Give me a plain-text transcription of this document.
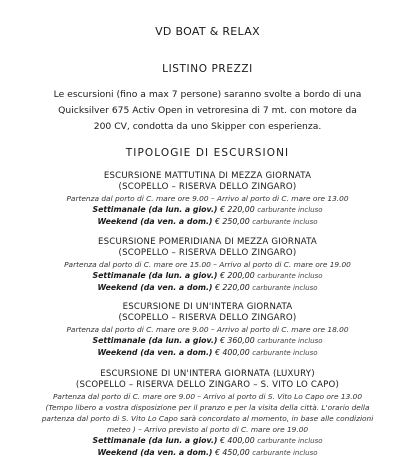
VD BOAT & RELAX
LISTINO PREZZI
Le escursioni (fino a max 7 persone) saranno svolte a bordo di una
Quicksilver 675 Activ Open in vetroresina di 7 mt. con motore da
200 CV, condotta da uno Skipper con esperienza.
TIPOLOGIE DI ESCURSIONI
ESCURSIONE MATTUTINA DI MEZZA GIORNATA
(SCOPELLO – RISERVA DELLO ZINGARO)
Partenza dal porto di C. mare ore 9.00 – Arrivo al porto di C. mare ore 13.00
Settimanale (da lun. a giov.) € 220,00 carburante incluso
Weekend (da ven. a dom.) € 250,00 carburante incluso
ESCURSIONE POMERIDIANA DI MEZZA GIORNATA
(SCOPELLO – RISERVA DELLO ZINGARO)
Partenza dal porto di C. mare ore 15.00 – Arrivo al porto di C. mare ore 19.00
Settimanale (da lun. a giov.) € 200,00 carburante incluso
Weekend (da ven. a dom.) € 220,00 carburante incluso
ESCURSIONE DI UN'INTERA GIORNATA
(SCOPELLO – RISERVA DELLO ZINGARO)
Partenza dal porto di C. mare ore 9.00 – Arrivo al porto di C. mare ore 18.00
Settimanale (da lun. a giov.) € 360,00 carburante incluso
Weekend (da ven. a dom.) € 400,00 carburante incluso
ESCURSIONE DI UN'INTERA GIORNATA (LUXURY)
(SCOPELLO – RISERVA DELLO ZINGARO – S. VITO LO CAPO)
Partenza dal porto di C. mare ore 9.00 – Arrivo al porto di S. Vito Lo Capo ore 13.00
(Tempo libero a vostra disposizione per il pranzo e per la visita della città. L'orario della
partenza dal porto di S. Vito Lo Capo sarà concordato al momento, in base alle condizioni
meteo ) – Arrivo previsto al porto di C. mare ore 19.00
Settimanale (da lun. a giov.) € 400,00 carburante incluso
Weekend (da ven. a dom.) € 450,00 carburante incluso
